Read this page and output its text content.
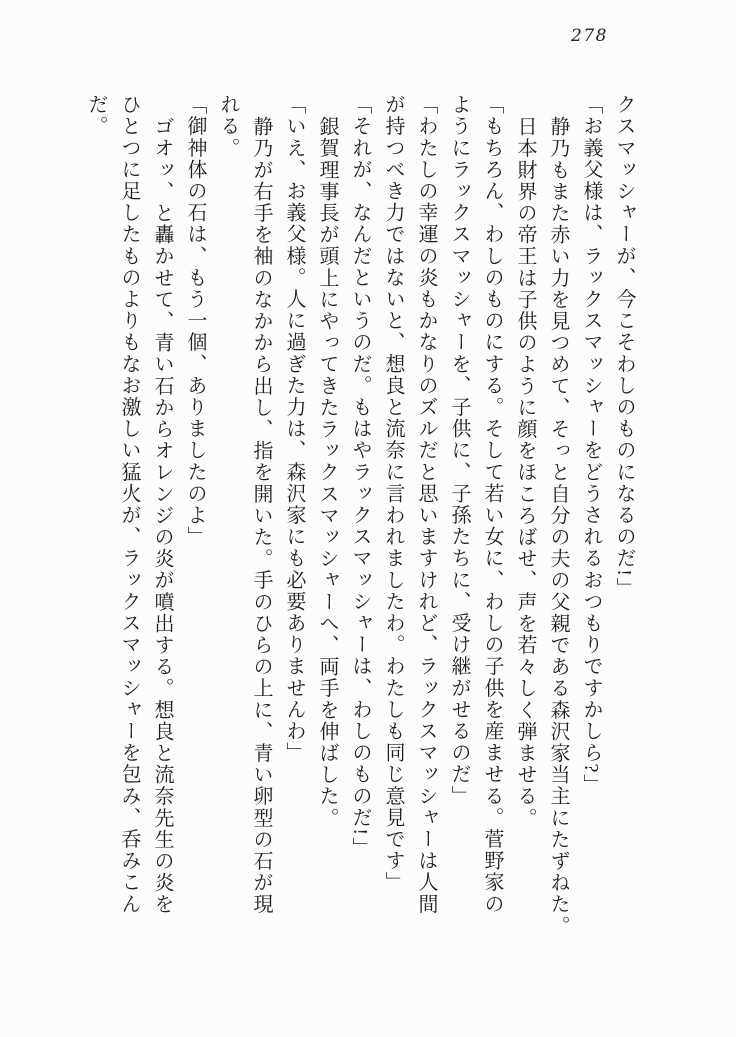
278

クスマッシャーが、今こそわしのものになるのだ!」

「お義父様は、ラックスマッシャーをどうされるおつもりですかしら?」

静乃もまた赤い力を見つめて、そっと自分の夫の父親である森沢家当主にたずねた。

日本財界の帝王は子供のように顔をほころばせ、声を若々しく弾ませる。

「もちろん、わしのものにする。そして若い女に、わしの子供を産ませる。菅野家の

ようにラックスマッシャーを、子供に、子孫たちに、受け継がせるのだ」

「わたしの幸運の炎もかなりのズルだと思いますけれど、ラックスマッシャーは人間

が持つべき力ではないと、想良と流奈に言われましたわ。わたしも同じ意見です」

「それが、なんだというのだ。もはやラックスマッシャーは、わしのものだ!」

銀賀理事長が頭上にやってきたラックスマッシャーへ、両手を伸ばした。

「いえ、お義父様。人に過ぎた力は、森沢家にも必要ありませんわ」

静乃が右手を袖のなかから出し、指を開いた。手のひらの上に、青い卵型の石が現

れる。

「御神体の石は、もう一個、ありましたのよ」

ゴオッ、と轟かせて、青い石からオレンジの炎が噴出する。想良と流奈先生の炎を

ひとつに足したものよりもなお激しい猛火が、ラックスマッシャーを包み、呑みこん

だ。
